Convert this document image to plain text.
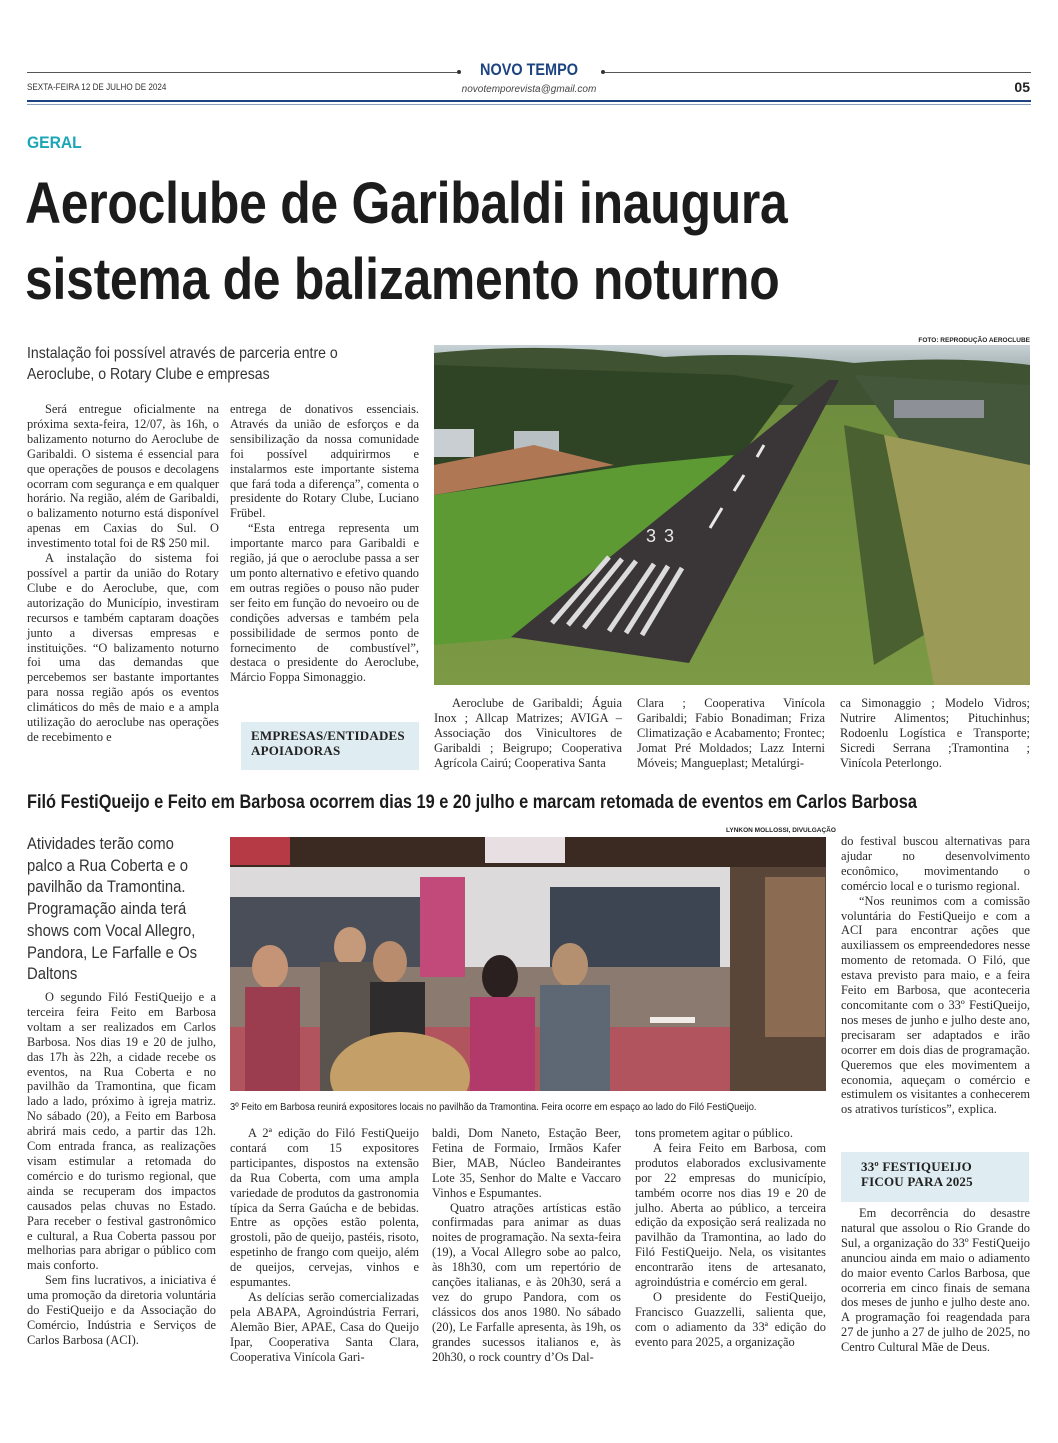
NOVO TEMPO
novotemporevista@gmail.com
SEXTA-FEIRA 12 DE JULHO DE 2024	05
GERAL
Aeroclube de Garibaldi inaugura
sistema de balizamento noturno
Instalação foi possível através de parceria entre o Aeroclube, o Rotary Clube e empresas

Será entregue oficialmente na próxima sexta-feira, 12/07, às 16h, o balizamento noturno do Aeroclube de Garibaldi. O sistema é essencial para que operações de pousos e decolagens ocorram com segurança e em qualquer horário. Na região, além de Garibaldi, o balizamento noturno está disponível apenas em Caxias do Sul. O investimento total foi de R$ 250 mil.

A instalação do sistema foi possível a partir da união do Rotary Clube e do Aeroclube, que, com autorização do Município, investiram recursos e também captaram doações junto a diversas empresas e instituições. “O balizamento noturno foi uma das demandas que percebemos ser bastante importantes para nossa região após os eventos climáticos do mês de maio e a ampla utilização do aeroclube nas operações de recebimento e

entrega de donativos essenciais. Através da união de esforços e da sensibilização da nossa comunidade foi possível adquirirmos e instalarmos este importante sistema que fará toda a diferença”, comenta o presidente do Rotary Clube, Luciano Frübel.

“Esta entrega representa um importante marco para Garibaldi e região, já que o aeroclube passa a ser um ponto alternativo e efetivo quando em outras regiões o pouso não puder ser feito em função do nevoeiro ou de condições adversas e também pela possibilidade de sermos ponto de fornecimento de combustível”, destaca o presidente do Aeroclube, Márcio Foppa Simonaggio.

EMPRESAS/ENTIDADES APOIADORAS
FOTO: REPRODUÇÃO AEROCLUBE
33
Aeroclube de Garibaldi; Águia Inox ; Allcap Matrizes; AVIGA – Associação dos Vinicultores de Garibaldi ; Beigrupo; Cooperativa Agrícola Cairú; Cooperativa Santa
Clara ; Cooperativa Vinícola Garibaldi; Fabio Bonadiman; Friza Climatização e Acabamento; Frontec; Jomat Pré Moldados; Lazz Interni Móveis; Mangueplast; Metalúrgi-
ca Simonaggio ; Modelo Vidros; Nutrire Alimentos; Pituchinhus; Rodoenlu Logística e Transporte; Sicredi Serrana ;Tramontina ; Vinícola Peterlongo.
Filó FestiQueijo e Feito em Barbosa ocorrem dias 19 e 20 julho e marcam retomada de eventos em Carlos Barbosa
Atividades terão como palco a Rua Coberta e o pavilhão da Tramontina. Programação ainda terá shows com Vocal Allegro, Pandora, Le Farfalle e Os Daltons
LYNKON MOLLOSSI, DIVULGAÇÃO
3º Feito em Barbosa reunirá expositores locais no pavilhão da Tramontina. Feira ocorre em espaço ao lado do Filó FestiQueijo.

O segundo Filó FestiQueijo e a terceira feira Feito em Barbosa voltam a ser realizados em Carlos Barbosa. Nos dias 19 e 20 de julho, das 17h às 22h, a cidade recebe os eventos, na Rua Coberta e no pavilhão da Tramontina, que ficam lado a lado, próximo à igreja matriz. No sábado (20), a Feito em Barbosa abrirá mais cedo, a partir das 12h. Com entrada franca, as realizações visam estimular a retomada do comércio e do turismo regional, que ainda se recuperam dos impactos causados pelas chuvas no Estado. Para receber o festival gastronômico e cultural, a Rua Coberta passou por melhorias para abrigar o público com mais conforto.

Sem fins lucrativos, a iniciativa é uma promoção da diretoria voluntária do FestiQueijo e da Associação do Comércio, Indústria e Serviços de Carlos Barbosa (ACI).

A 2ª edição do Filó FestiQueijo contará com 15 expositores participantes, dispostos na extensão da Rua Coberta, com uma ampla variedade de produtos da gastronomia típica da Serra Gaúcha e de bebidas. Entre as opções estão polenta, grostoli, pão de queijo, pastéis, risoto, espetinho de frango com queijo, além de queijos, cervejas, vinhos e espumantes.

As delícias serão comercializadas pela ABAPA, Agroindústria Ferrari, Alemão Bier, APAE, Casa do Queijo Ipar, Cooperativa Santa Clara, Cooperativa Vinícola Gari-

baldi, Dom Naneto, Estação Beer, Fetina de Formaio, Irmãos Kafer Bier, MAB, Núcleo Bandeirantes Lote 35, Senhor do Malte e Vaccaro Vinhos e Espumantes.

Quatro atrações artísticas estão confirmadas para animar as duas noites de programação. Na sexta-feira (19), a Vocal Allegro sobe ao palco, às 18h30, com um repertório de canções italianas, e às 20h30, será a vez do grupo Pandora, com os clássicos dos anos 1980. No sábado (20), Le Farfalle apresenta, às 19h, os grandes sucessos italianos e, às 20h30, o rock country d’Os Dal-

tons prometem agitar o público.

A feira Feito em Barbosa, com produtos elaborados exclusivamente por 22 empresas do município, também ocorre nos dias 19 e 20 de julho. Aberta ao público, a terceira edição da exposição será realizada no pavilhão da Tramontina, ao lado do Filó FestiQueijo. Nela, os visitantes encontrarão itens de artesanato, agroindústria e comércio em geral.

O presidente do FestiQueijo, Francisco Guazzelli, salienta que, com o adiamento da 33ª edição do evento para 2025, a organização

do festival buscou alternativas para ajudar no desenvolvimento econômico, movimentando o comércio local e o turismo regional.

“Nos reunimos com a comissão voluntária do FestiQueijo e com a ACI para encontrar ações que auxiliassem os empreendedores nesse momento de retomada. O Filó, que estava previsto para maio, e a feira Feito em Barbosa, que aconteceria concomitante com o 33º FestiQueijo, nos meses de junho e julho deste ano, precisaram ser adaptados e irão ocorrer em dois dias de programação. Queremos que eles movimentem a economia, aqueçam o comércio e estimulem os visitantes a conhecerem os atrativos turísticos”, explica.

33º FESTIQUEIJO FICOU PARA 2025

Em decorrência do desastre natural que assolou o Rio Grande do Sul, a organização do 33º FestiQueijo anunciou ainda em maio o adiamento do maior evento Carlos Barbosa, que ocorreria em cinco finais de semana dos meses de junho e julho deste ano. A programação foi reagendada para 27 de junho a 27 de julho de 2025, no Centro Cultural Mãe de Deus.
